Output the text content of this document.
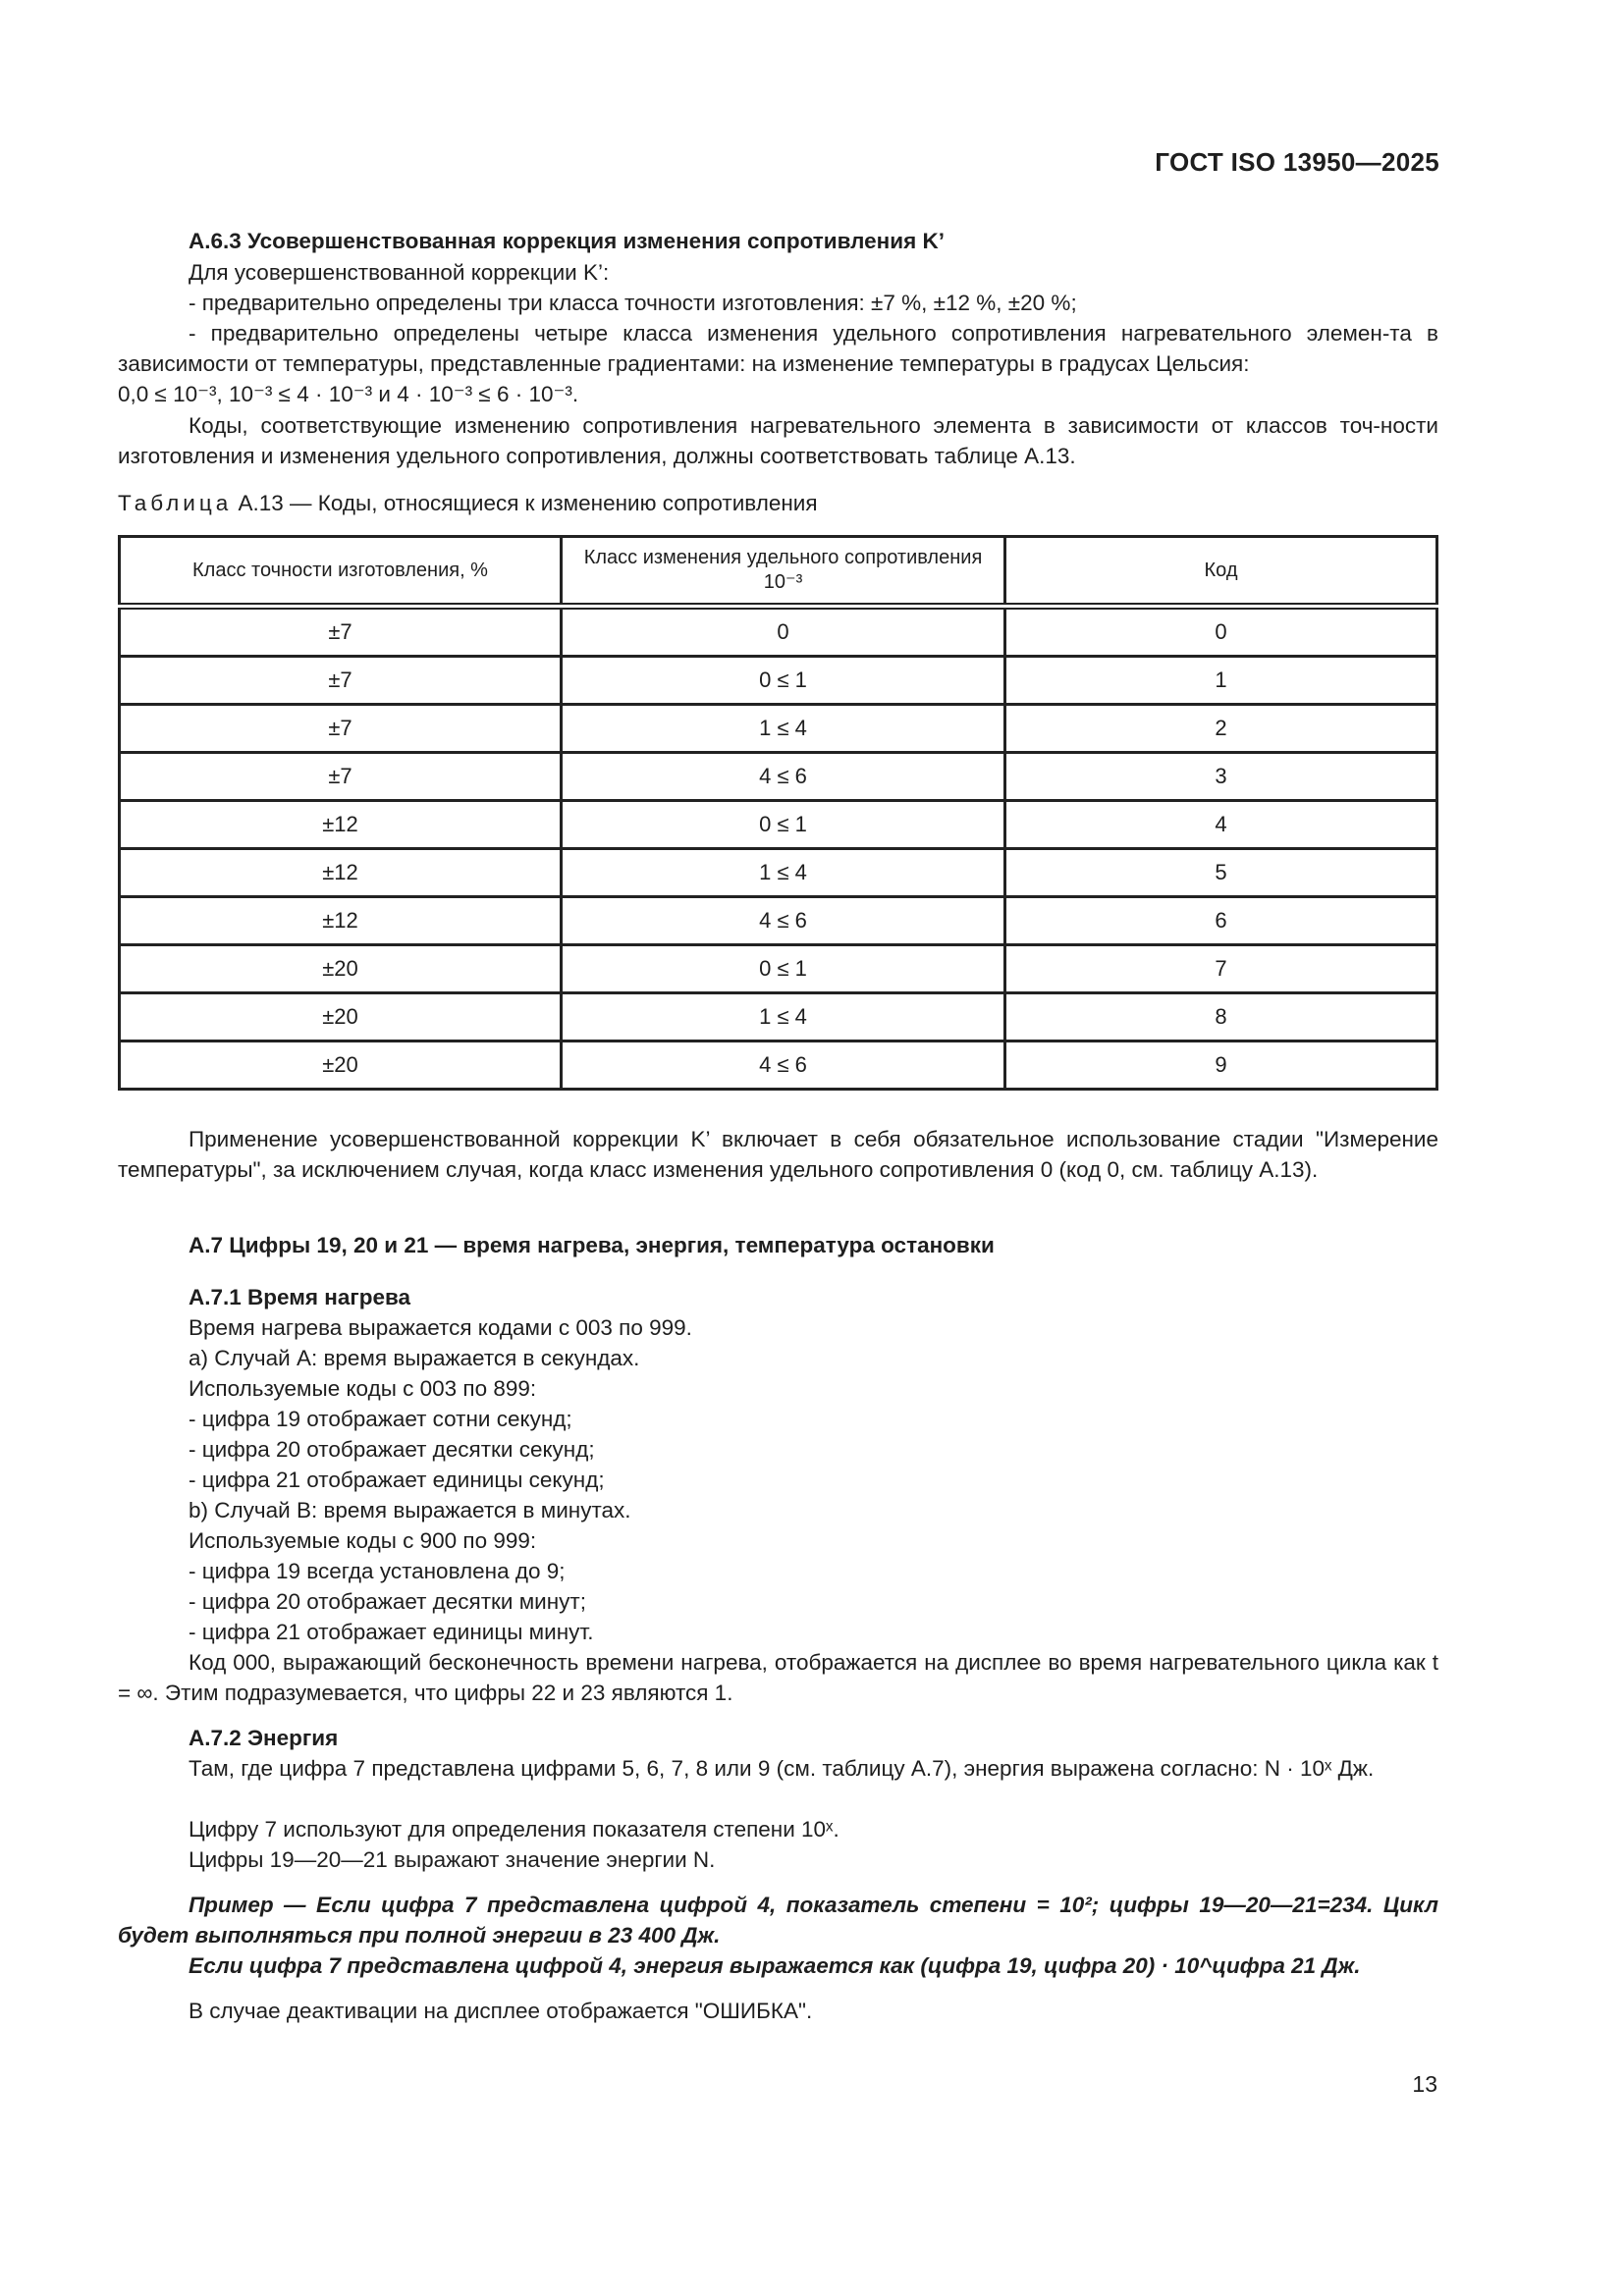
ГОСТ ISO 13950—2025
А.6.3 Усовершенствованная коррекция изменения сопротивления K’
Для усовершенствованной коррекции K’:
- предварительно определены три класса точности изготовления: ±7 %, ±12 %, ±20 %;
- предварительно определены четыре класса изменения удельного сопротивления нагревательного элемен-та в зависимости от температуры, представленные градиентами: на изменение температуры в градусах Цельсия:
0,0 ≤ 10⁻³, 10⁻³ ≤ 4 · 10⁻³ и 4 · 10⁻³ ≤ 6 · 10⁻³.
Коды, соответствующие изменению сопротивления нагревательного элемента в зависимости от классов точ-ности изготовления и изменения удельного сопротивления, должны соответствовать таблице А.13.
Таблица А.13 — Коды, относящиеся к изменению сопротивления
Класс точности изготовления, %	Класс изменения удельного сопротивления 10⁻³	Код
±7	0	0
±7	0 ≤ 1	1
±7	1 ≤ 4	2
±7	4 ≤ 6	3
±12	0 ≤ 1	4
±12	1 ≤ 4	5
±12	4 ≤ 6	6
±20	0 ≤ 1	7
±20	1 ≤ 4	8
±20	4 ≤ 6	9
Применение усовершенствованной коррекции K’ включает в себя обязательное использование стадии "Измерение температуры", за исключением случая, когда класс изменения удельного сопротивления 0 (код 0, см. таблицу А.13).
А.7 Цифры 19, 20 и 21 — время нагрева, энергия, температура остановки
А.7.1 Время нагрева
Время нагрева выражается кодами с 003 по 999.
a) Случай А: время выражается в секундах.
Используемые коды с 003 по 899:
- цифра 19 отображает сотни секунд;
- цифра 20 отображает десятки секунд;
- цифра 21 отображает единицы секунд;
b) Случай В: время выражается в минутах.
Используемые коды с 900 по 999:
- цифра 19 всегда установлена до 9;
- цифра 20 отображает десятки минут;
- цифра 21 отображает единицы минут.
Код 000, выражающий бесконечность времени нагрева, отображается на дисплее во время нагревательного цикла как t = ∞. Этим подразумевается, что цифры 22 и 23 являются 1.
А.7.2 Энергия
Там, где цифра 7 представлена цифрами 5, 6, 7, 8 или 9 (см. таблицу А.7), энергия выражена согласно: N · 10ˣ Дж.
Цифру 7 используют для определения показателя степени 10ˣ.
Цифры 19—20—21 выражают значение энергии N.
Пример — Если цифра 7 представлена цифрой 4, показатель степени = 10²; цифры 19—20—21=234. Цикл будет выполняться при полной энергии в 23 400 Дж.
Если цифра 7 представлена цифрой 4, энергия выражается как (цифра 19, цифра 20) · 10^цифра 21 Дж.
В случае деактивации на дисплее отображается "ОШИБКА".
13
